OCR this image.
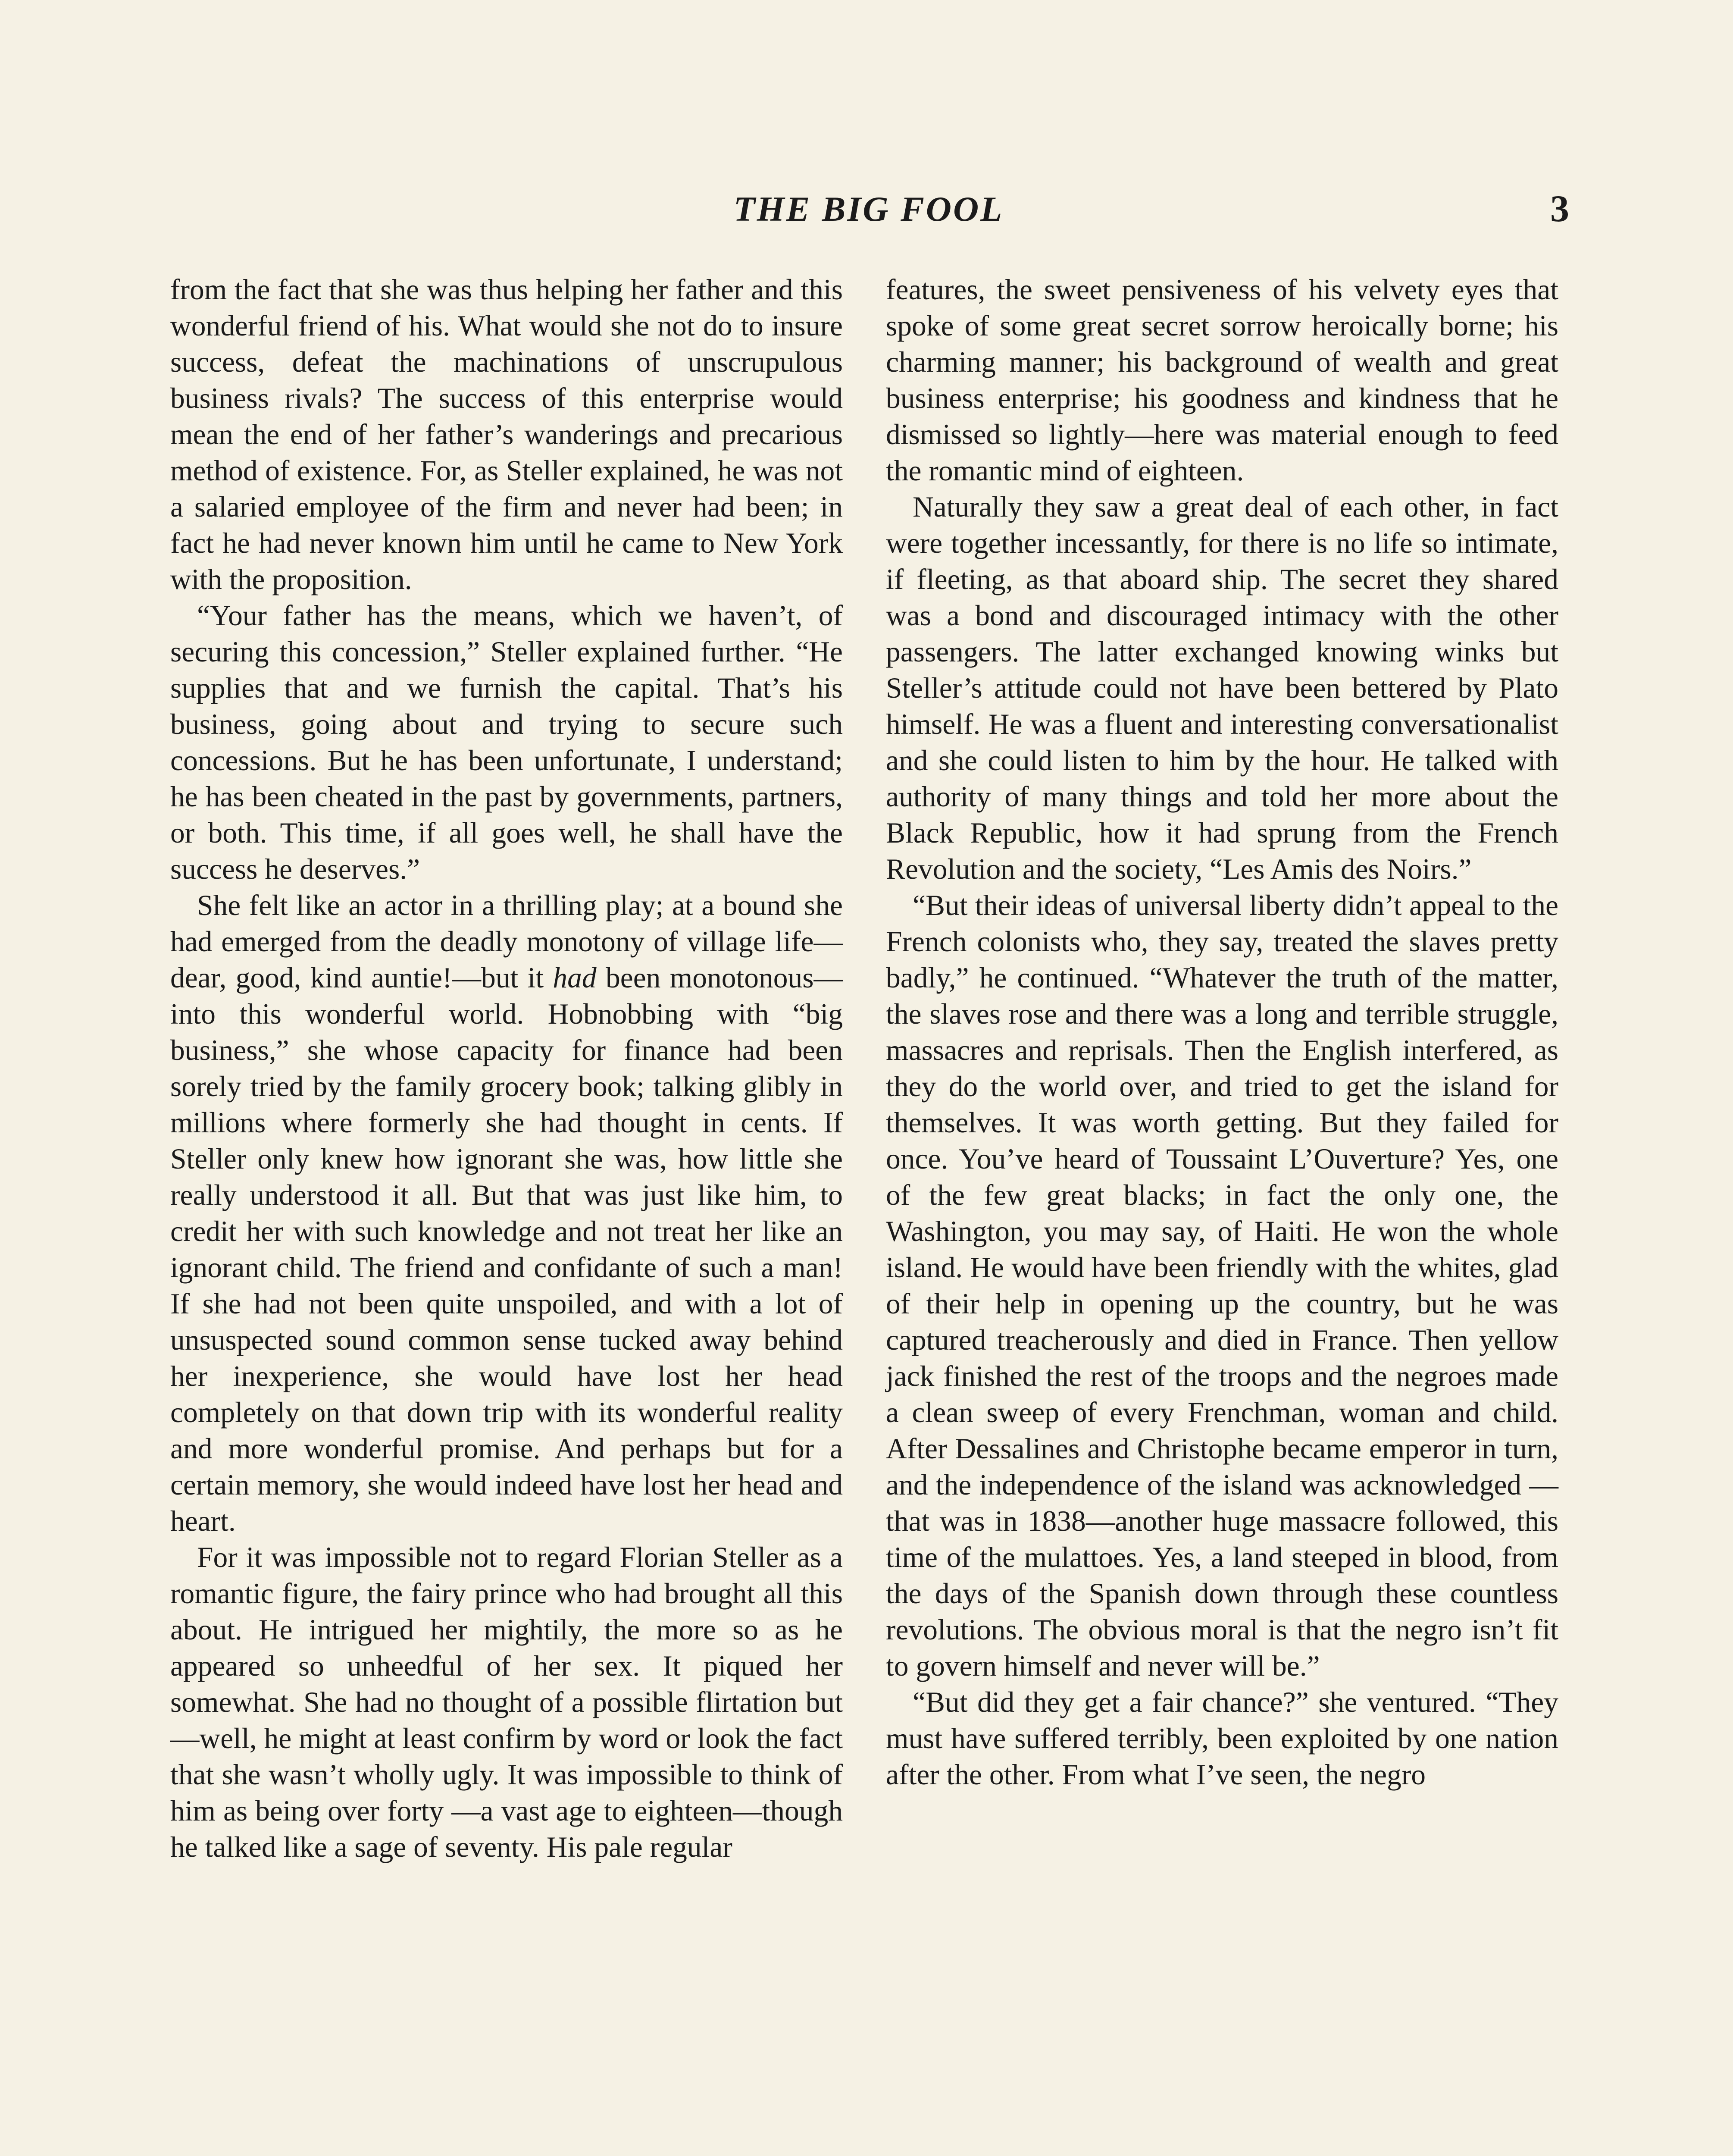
THE BIG FOOL	3

from the fact that she was thus helping her father and this wonderful friend of his. What would she not do to insure success, defeat the machinations of unscrupulous business rivals? The success of this enterprise would mean the end of her father’s wanderings and precarious method of existence. For, as Steller explained, he was not a salaried employee of the firm and never had been; in fact he had never known him until he came to New York with the proposition.

“Your father has the means, which we haven’t, of securing this concession,” Steller explained further. “He supplies that and we furnish the capital. That’s his business, going about and trying to secure such concessions. But he has been unfortunate, I understand; he has been cheated in the past by governments, partners, or both. This time, if all goes well, he shall have the success he deserves.”

She felt like an actor in a thrilling play; at a bound she had emerged from the deadly monotony of village life—dear, good, kind auntie!—but it had been monotonous—into this wonderful world. Hobnobbing with “big business,” she whose capacity for finance had been sorely tried by the family grocery book; talking glibly in millions where formerly she had thought in cents. If Steller only knew how ignorant she was, how little she really understood it all. But that was just like him, to credit her with such knowledge and not treat her like an ignorant child. The friend and confidante of such a man! If she had not been quite unspoiled, and with a lot of unsuspected sound common sense tucked away behind her inexperience, she would have lost her head completely on that down trip with its wonderful reality and more wonderful promise. And perhaps but for a certain memory, she would indeed have lost her head and heart.

For it was impossible not to regard Florian Steller as a romantic figure, the fairy prince who had brought all this about. He intrigued her mightily, the more so as he appeared so unheedful of her sex. It piqued her somewhat. She had no thought of a possible flirtation but—well, he might at least confirm by word or look the fact that she wasn’t wholly ugly. It was impossible to think of him as being over forty —a vast age to eighteen—though he talked like a sage of seventy. His pale regular

features, the sweet pensiveness of his velvety eyes that spoke of some great secret sorrow heroically borne; his charming manner; his background of wealth and great business enterprise; his goodness and kindness that he dismissed so lightly—here was material enough to feed the romantic mind of eighteen.

Naturally they saw a great deal of each other, in fact were together incessantly, for there is no life so intimate, if fleeting, as that aboard ship. The secret they shared was a bond and discouraged intimacy with the other passengers. The latter exchanged knowing winks but Steller’s attitude could not have been bettered by Plato himself. He was a fluent and interesting conversationalist and she could listen to him by the hour. He talked with authority of many things and told her more about the Black Republic, how it had sprung from the French Revolution and the society, “Les Amis des Noirs.”

“But their ideas of universal liberty didn’t appeal to the French colonists who, they say, treated the slaves pretty badly,” he continued. “Whatever the truth of the matter, the slaves rose and there was a long and terrible struggle, massacres and reprisals. Then the English interfered, as they do the world over, and tried to get the island for themselves. It was worth getting. But they failed for once. You’ve heard of Toussaint L’Ouverture? Yes, one of the few great blacks; in fact the only one, the Washington, you may say, of Haiti. He won the whole island. He would have been friendly with the whites, glad of their help in opening up the country, but he was captured treacherously and died in France. Then yellow jack finished the rest of the troops and the negroes made a clean sweep of every Frenchman, woman and child. After Dessalines and Christophe became emperor in turn, and the independence of the island was acknowledged —that was in 1838—another huge massacre followed, this time of the mulattoes. Yes, a land steeped in blood, from the days of the Spanish down through these countless revolutions. The obvious moral is that the negro isn’t fit to govern himself and never will be.”

“But did they get a fair chance?” she ventured. “They must have suffered terribly, been exploited by one nation after the other. From what I’ve seen, the negro
